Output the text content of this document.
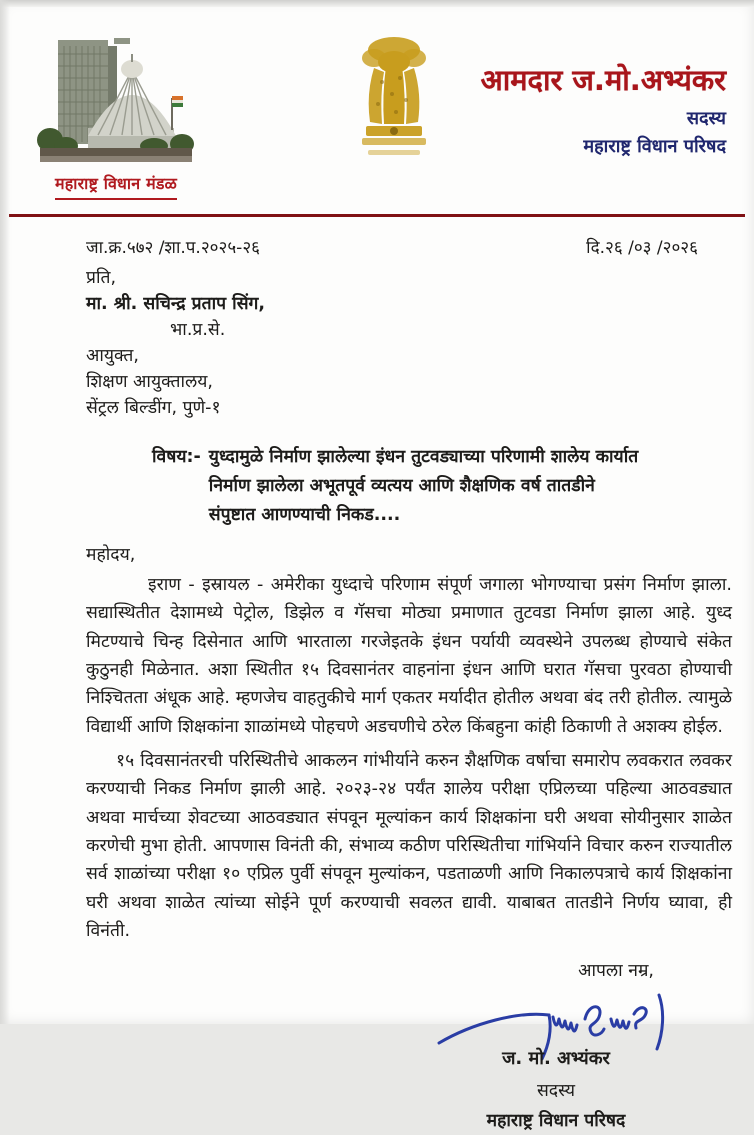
महाराष्ट्र विधान मंडळ
आमदार ज.मो.अभ्यंकर
सदस्य
महाराष्ट्र विधान परिषद
जा.क्र.५७२ /शा.प.२०२५-२६	दि.२६ /०३ /२०२६
प्रति,
मा. श्री. सचिन्द्र प्रताप सिंग,
भा.प्र.से.
आयुक्त,
शिक्षण आयुक्तालय,
सेंट्रल बिल्डींग, पुणे-१
विषय:- युध्दामुळे निर्माण झालेल्या इंधन तुटवड्याच्या परिणामी शालेय कार्यात
निर्माण झालेला अभूतपूर्व व्यत्यय आणि शैक्षणिक वर्ष तातडीने
संपुष्टात आणण्याची निकड....
महोदय,

इराण - इस्रायल - अमेरीका युध्दाचे परिणाम संपूर्ण जगाला भोगण्याचा प्रसंग निर्माण झाला. सद्यास्थितीत देशामध्ये पेट्रोल, डिझेल व गॅसचा मोठ्या प्रमाणात तुटवडा निर्माण झाला आहे. युध्द मिटण्याचे चिन्ह दिसेनात आणि भारताला गरजेइतके इंधन पर्यायी व्यवस्थेने उपलब्ध होण्याचे संकेत कुठुनही मिळेनात. अशा स्थितीत १५ दिवसानंतर वाहनांना इंधन आणि घरात गॅसचा पुरवठा होण्याची निश्चितता अंधूक आहे. म्हणजेच वाहतुकीचे मार्ग एकतर मर्यादीत होतील अथवा बंद तरी होतील. त्यामुळे विद्यार्थी आणि शिक्षकांना शाळांमध्ये पोहचणे अडचणीचे ठरेल किंबहुना कांही ठिकाणी ते अशक्य होईल.

१५ दिवसानंतरची परिस्थितीचे आकलन गांभीर्याने करुन शैक्षणिक वर्षाचा समारोप लवकरात लवकर करण्याची निकड निर्माण झाली आहे. २०२३-२४ पर्यंत शालेय परीक्षा एप्रिलच्या पहिल्या आठवड्यात अथवा मार्चच्या शेवटच्या आठवड्यात संपवून मूल्यांकन कार्य शिक्षकांना घरी अथवा सोयीनुसार शाळेत करणेची मुभा होती. आपणास विनंती की, संभाव्य कठीण परिस्थितीचा गांभिर्याने विचार करुन राज्यातील सर्व शाळांच्या परीक्षा १० एप्रिल पुर्वी संपवून मुल्यांकन, पडताळणी आणि निकालपत्राचे कार्य शिक्षकांना घरी अथवा शाळेत त्यांच्या सोईने पूर्ण करण्याची सवलत द्यावी. याबाबत तातडीने निर्णय घ्यावा, ही विनंती.

आपला नम्र,
ज. मो. अभ्यंकर
सदस्य
महाराष्ट्र विधान परिषद
